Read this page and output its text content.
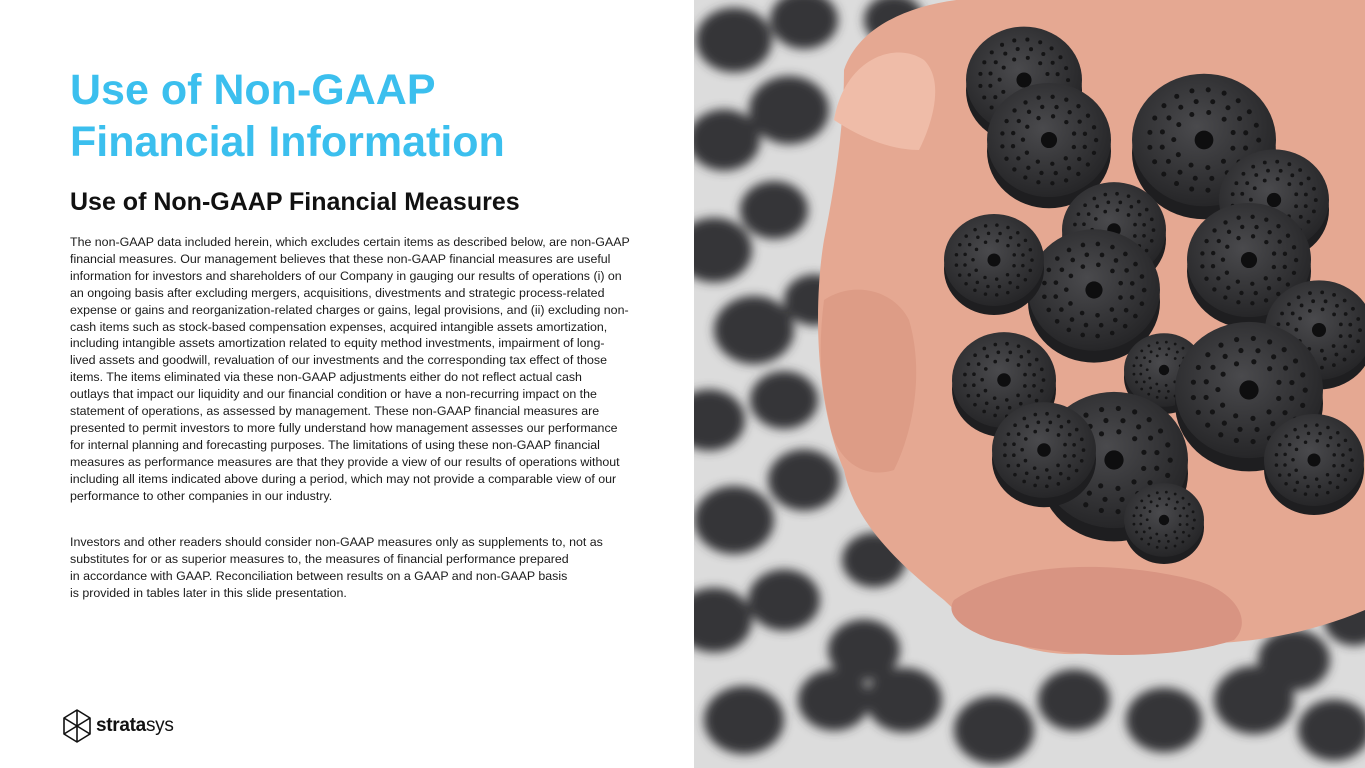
Use of Non-GAAP
Financial Information
Use of Non-GAAP Financial Measures
The non-GAAP data included herein, which excludes certain items as described below, are non-GAAP
financial measures. Our management believes that these non-GAAP financial measures are useful
information for investors and shareholders of our Company in gauging our results of operations (i) on
an ongoing basis after excluding mergers, acquisitions, divestments and strategic process-related
expense or gains and reorganization-related charges or gains, legal provisions, and (ii) excluding non-
cash items such as stock-based compensation expenses, acquired intangible assets amortization,
including intangible assets amortization related to equity method investments, impairment of long-
lived assets and goodwill, revaluation of our investments and the corresponding tax effect of those
items. The items eliminated via these non-GAAP adjustments either do not reflect actual cash
outlays that impact our liquidity and our financial condition or have a non-recurring impact on the
statement of operations, as assessed by management. These non-GAAP financial measures are
presented to permit investors to more fully understand how management assesses our performance
for internal planning and forecasting purposes. The limitations of using these non-GAAP financial
measures as performance measures are that they provide a view of our results of operations without
including all items indicated above during a period, which may not provide a comparable view of our
performance to other companies in our industry.
Investors and other readers should consider non-GAAP measures only as supplements to, not as
substitutes for or as superior measures to, the measures of financial performance prepared
in accordance with GAAP. Reconciliation between results on a GAAP and non-GAAP basis
is provided in tables later in this slide presentation.
stratasys
